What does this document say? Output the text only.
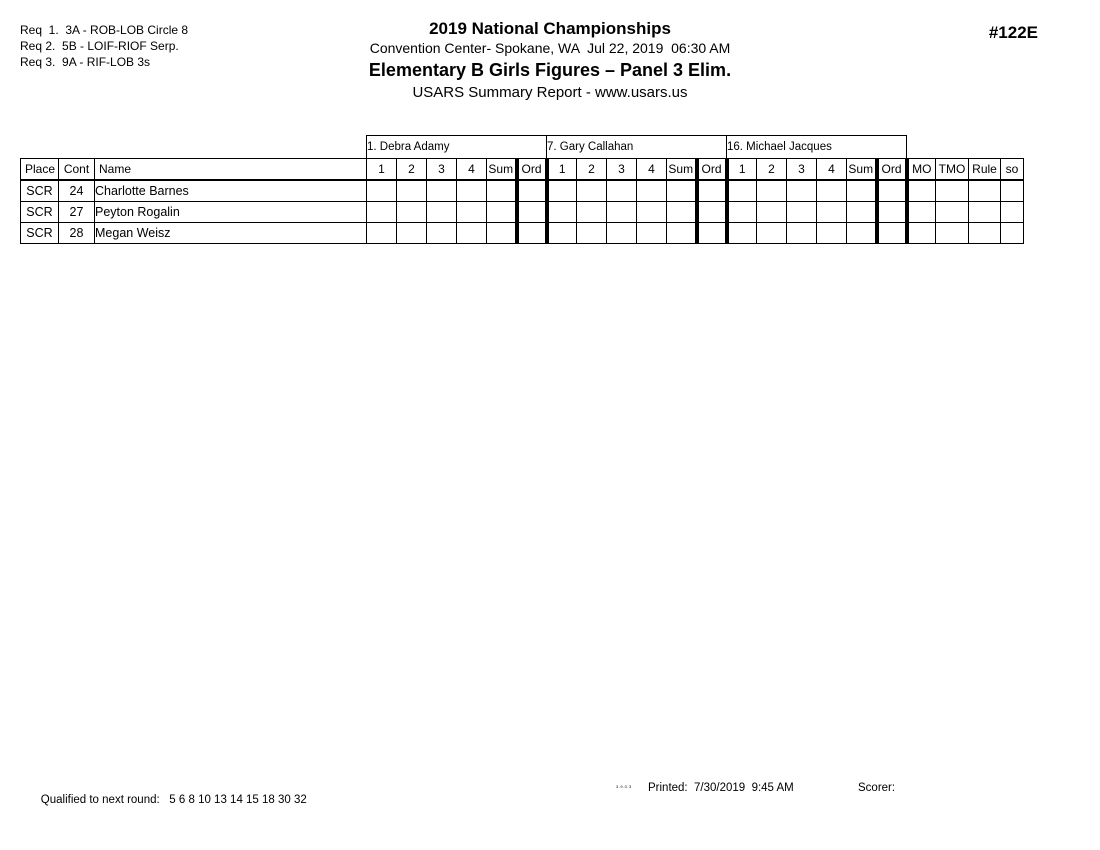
Req  1.  3A - ROB-LOB Circle 8
Req 2.  5B - LOIF-RIOF Serp.
Req 3.  9A - RIF-LOB 3s
2019 National Championships
Convention Center- Spokane, WA  Jul 22, 2019  06:30 AM
Elementary B Girls Figures – Panel 3 Elim.
USARS Summary Report - www.usars.us
#122E
			1. Debra Adamy						7. Gary Callahan						16. Michael Jacques									
Place	Cont	Name	1	2	3	4	Sum	Ord	1	2	3	4	Sum	Ord	1	2	3	4	Sum	Ord	MO	TMO	Rule	so
SCR	24	Charlotte Barnes																						
SCR	27	Peyton Rogalin																						
SCR	28	Megan Weisz																						

Qualified to next round: 5 6 8 10 13 14 15 18 30 32

3.9.0.3 Printed:  7/30/2019  9:45 AM	Scorer:
